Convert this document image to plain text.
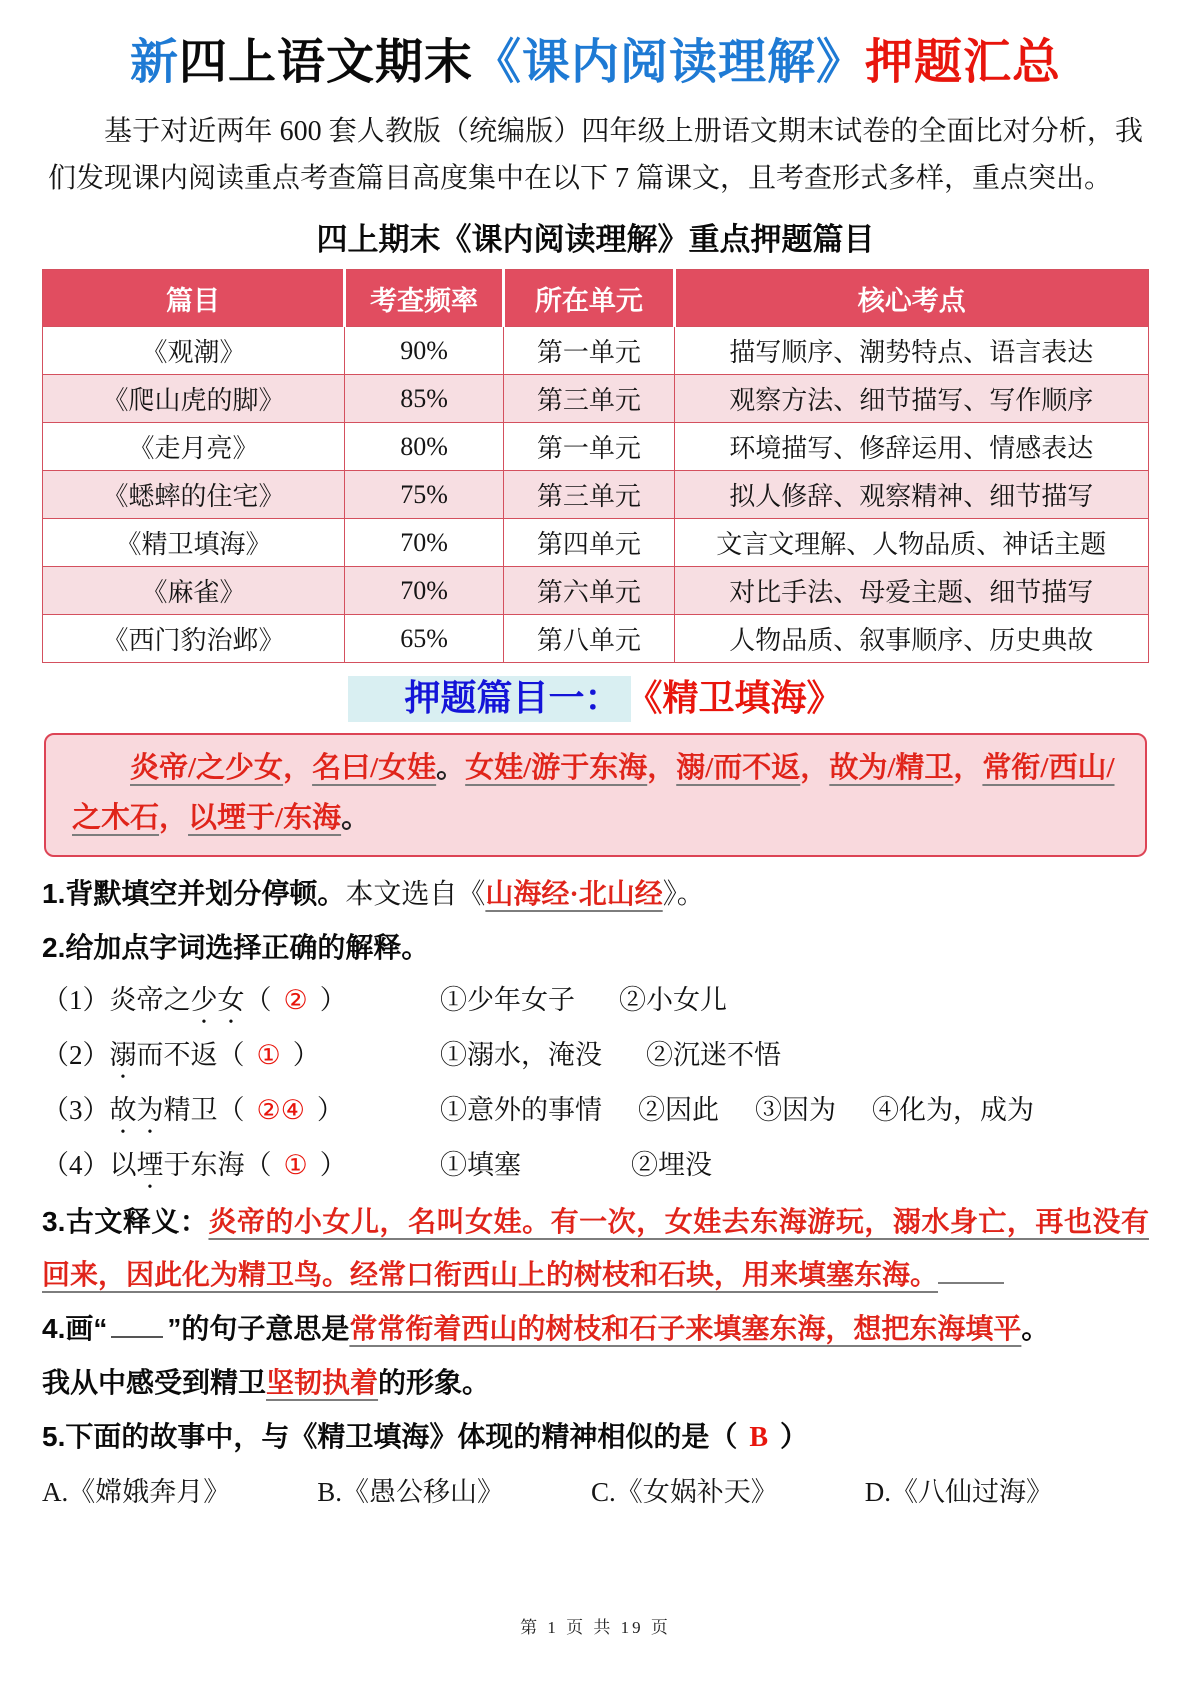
新四上语文期末《课内阅读理解》押题汇总

基于对近两年 600 套人教版（统编版）四年级上册语文期末试卷的全面比对分析，我们发现课内阅读重点考查篇目高度集中在以下 7 篇课文，且考查形式多样，重点突出。

四上期末《课内阅读理解》重点押题篇目
篇目	考查频率	所在单元	核心考点
《观潮》	90%	第一单元	描写顺序、潮势特点、语言表达
《爬山虎的脚》	85%	第三单元	观察方法、细节描写、写作顺序
《走月亮》	80%	第一单元	环境描写、修辞运用、情感表达
《蟋蟀的住宅》	75%	第三单元	拟人修辞、观察精神、细节描写
《精卫填海》	70%	第四单元	文言文理解、人物品质、神话主题
《麻雀》	70%	第六单元	对比手法、母爱主题、细节描写
《西门豹治邺》	65%	第八单元	人物品质、叙事顺序、历史典故
押题篇目一： 《精卫填海》
炎帝/之少女，名曰/女娃。女娃/游于东海，溺/而不返，故为/精卫，常衔/西山/之木石，以堙于/东海。
1.背默填空并划分停顿。本文选自《山海经·北山经》。
2.给加点字词选择正确的解释。
（1）炎帝之少女（ ② ）	①少年女子 ②小女儿
（2）溺而不返（ ① ）	①溺水，淹没 ②沉迷不悟
（3）故为精卫（ ②④ ）	①意外的事情 ②因此 ③因为 ④化为，成为
（4）以堙于东海（ ① ）	①填塞	②埋没
3.古文释义：炎帝的小女儿，名叫女娃。有一次，女娃去东海游玩，溺水身亡，再也没有回来，因此化为精卫鸟。经常口衔西山上的树枝和石块，用来填塞东海。
4.画“ ”的句子意思是常常衔着西山的树枝和石子来填塞东海，想把东海填平。
我从中感受到精卫坚韧执着的形象。
5.下面的故事中，与《精卫填海》体现的精神相似的是（ B ）
A.《嫦娥奔月》	B.《愚公移山》	C.《女娲补天》	D.《八仙过海》
第 1 页 共 19 页
